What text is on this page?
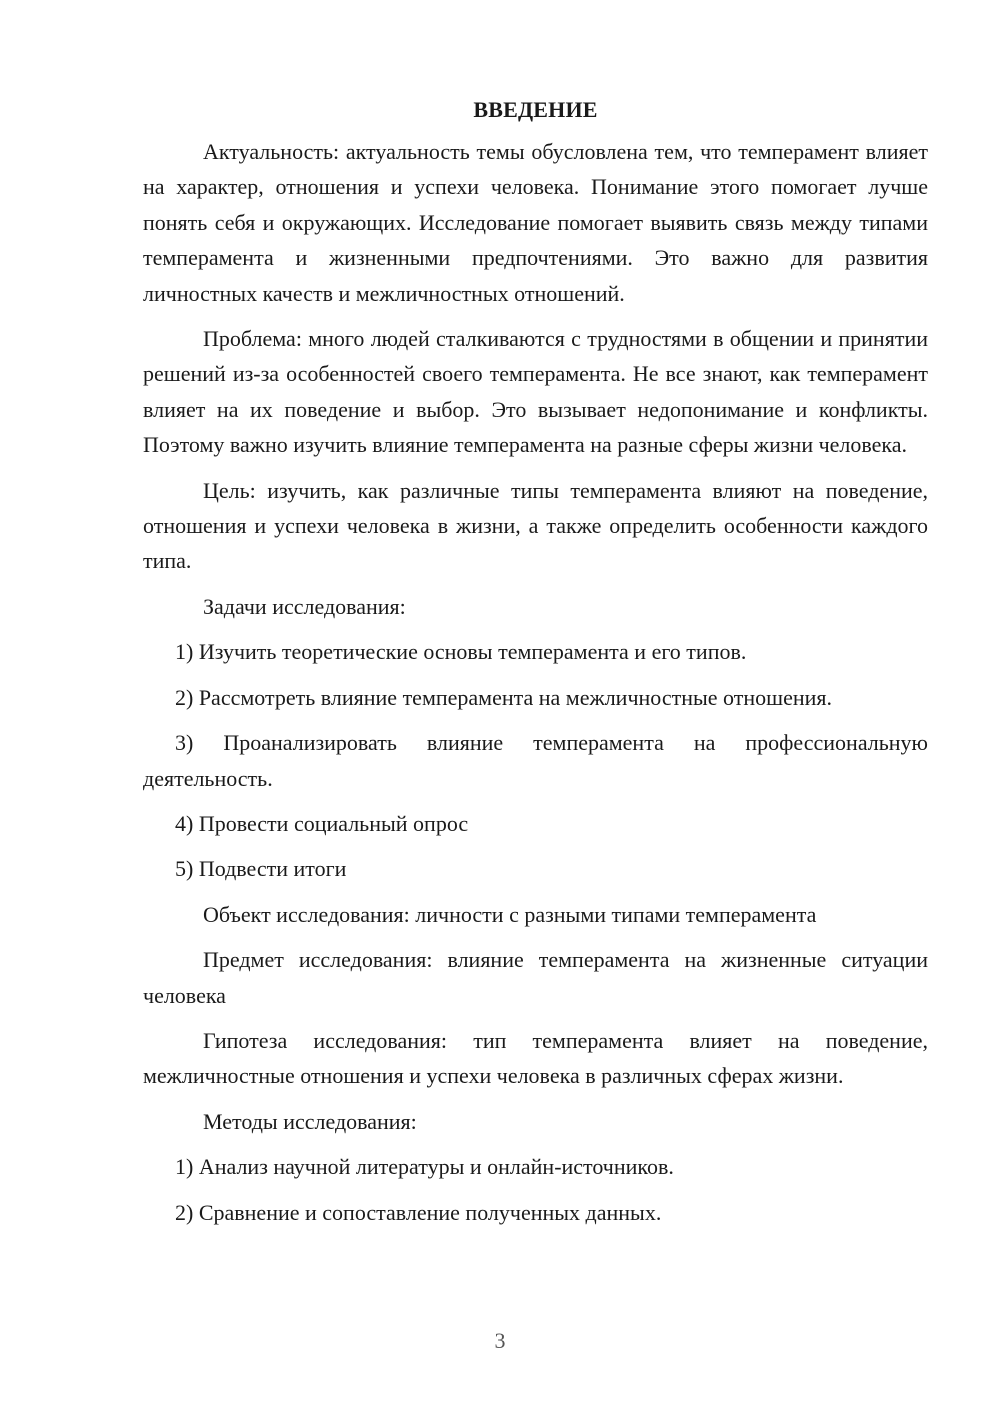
ВВЕДЕНИЕ

Актуальность: актуальность темы обусловлена тем, что темперамент влияет на характер, отношения и успехи человека. Понимание этого помогает лучше понять себя и окружающих. Исследование помогает выявить связь между типами темперамента и жизненными предпочтениями. Это важно для развития личностных качеств и межличностных отношений.

Проблема: много людей сталкиваются с трудностями в общении и принятии решений из-за особенностей своего темперамента. Не все знают, как темперамент влияет на их поведение и выбор. Это вызывает недопонимание и конфликты. Поэтому важно изучить влияние темперамента на разные сферы жизни человека.

Цель: изучить, как различные типы темперамента влияют на поведение, отношения и успехи человека в жизни, а также определить особенности каждого типа.

Задачи исследования:

1) Изучить теоретические основы темперамента и его типов.

2) Рассмотреть влияние темперамента на межличностные отношения.

3) Проанализировать влияние темперамента на профессиональную деятельность.

4) Провести социальный опрос

5) Подвести итоги

Объект исследования: личности с разными типами темперамента

Предмет исследования: влияние темперамента на жизненные ситуации человека

Гипотеза исследования: тип темперамента влияет на поведение, межличностные отношения и успехи человека в различных сферах жизни.

Методы исследования:

1) Анализ научной литературы и онлайн-источников.

2) Сравнение и сопоставление полученных данных.

3
